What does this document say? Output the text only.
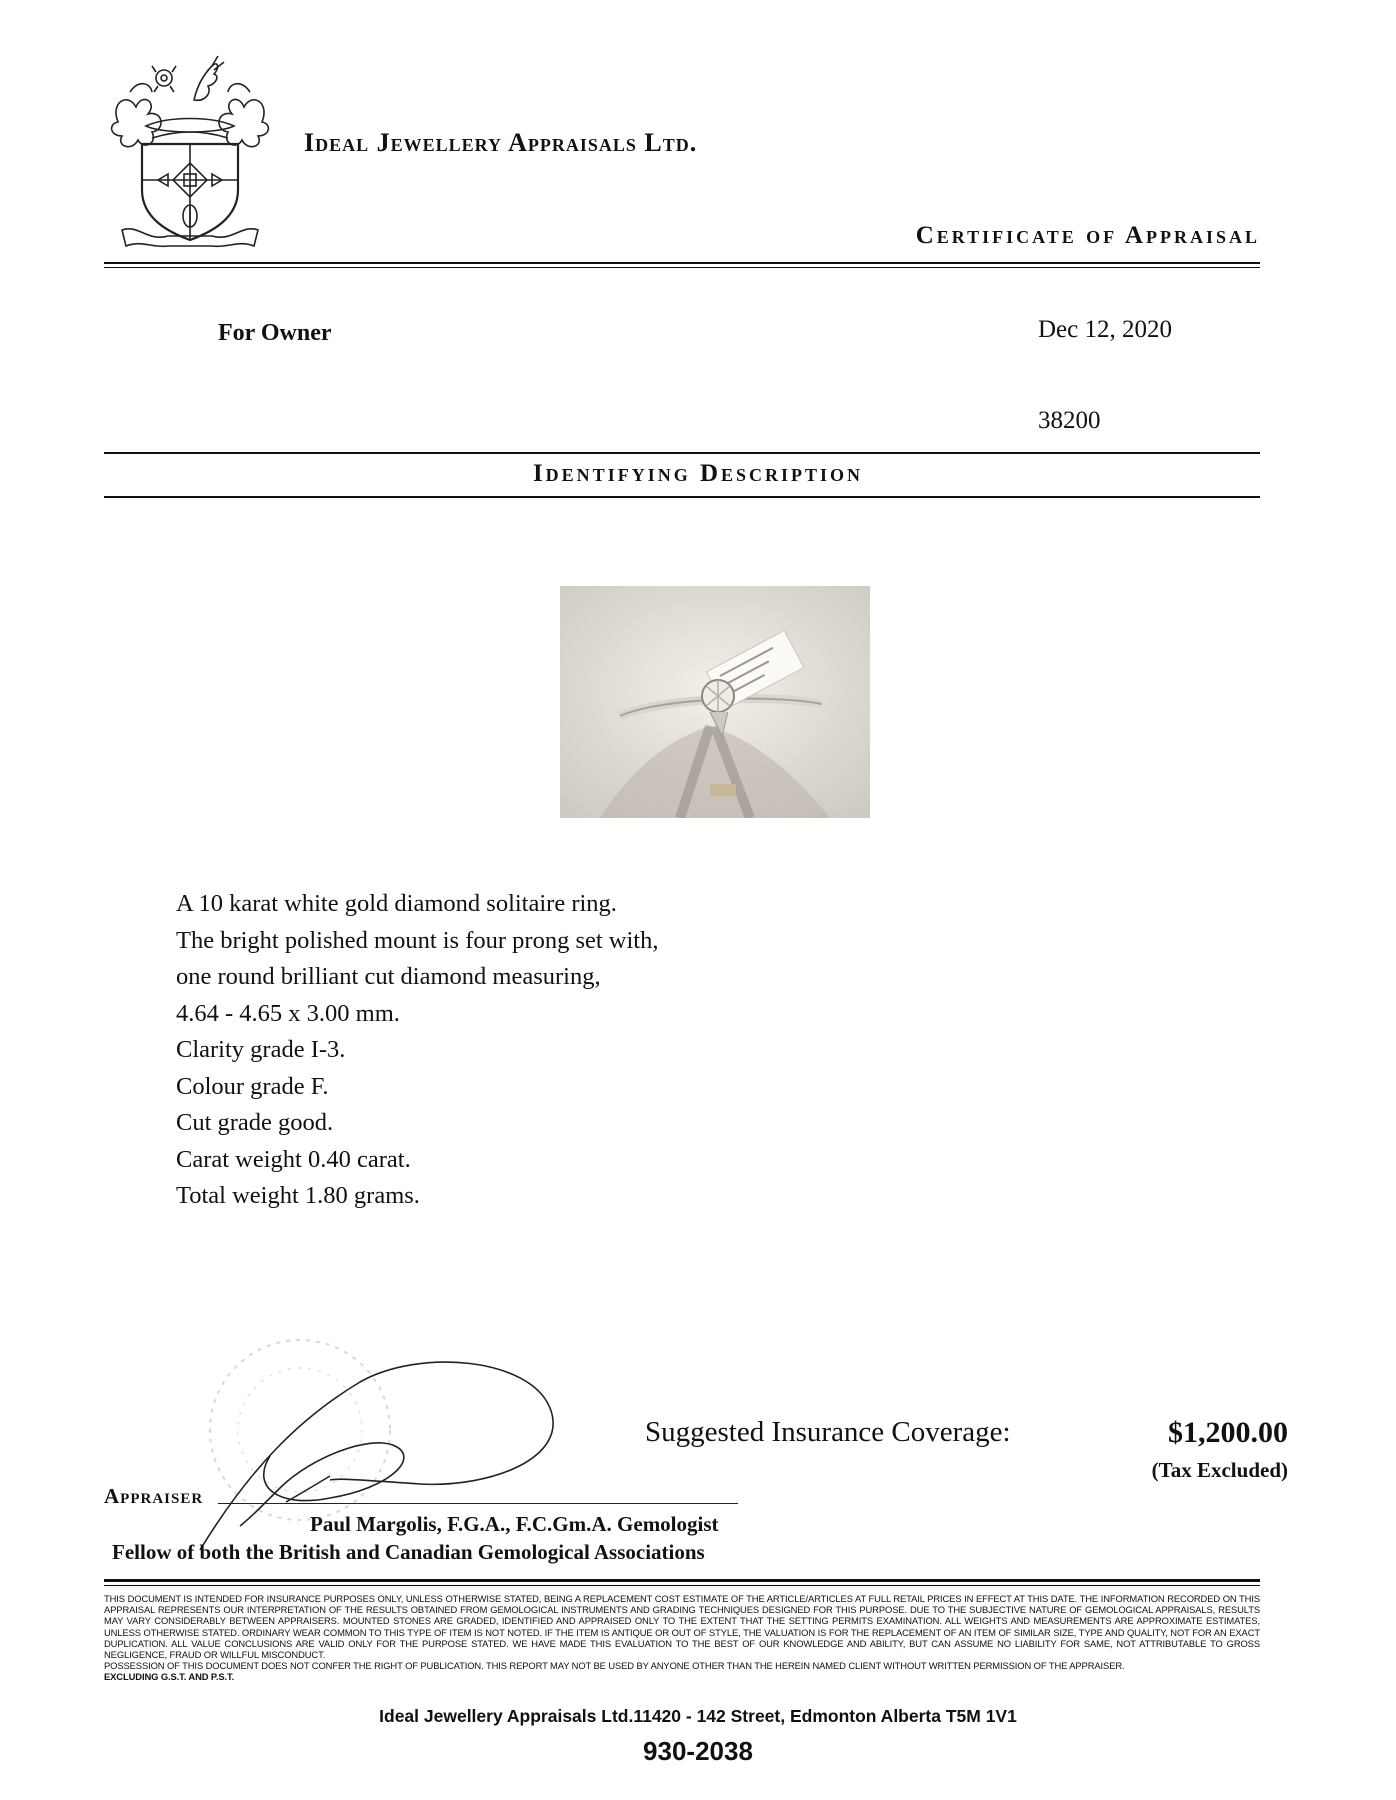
Ideal Jewellery Appraisals Ltd.
Certificate of Appraisal
For Owner	Dec 12, 2020
38200
Identifying Description
A 10 karat white gold diamond solitaire ring.
The bright polished mount is four prong set with,
one round brilliant cut diamond measuring,
4.64 - 4.65 x 3.00 mm.
Clarity grade I-3.
Colour grade F.
Cut grade good.
Carat weight 0.40 carat.
Total weight 1.80 grams.
Suggested Insurance Coverage:	$1,200.00
(Tax Excluded)
Appraiser
Paul Margolis, F.G.A., F.C.Gm.A. Gemologist
Fellow of both the British and Canadian Gemological Associations

THIS DOCUMENT IS INTENDED FOR INSURANCE PURPOSES ONLY, UNLESS OTHERWISE STATED, BEING A REPLACEMENT COST ESTIMATE OF THE ARTICLE/ARTICLES AT FULL RETAIL PRICES IN EFFECT AT THIS DATE. THE INFORMATION RECORDED ON THIS APPRAISAL REPRESENTS OUR INTERPRETATION OF THE RESULTS OBTAINED FROM GEMOLOGICAL INSTRUMENTS AND GRADING TECHNIQUES DESIGNED FOR THIS PURPOSE. DUE TO THE SUBJECTIVE NATURE OF GEMOLOGICAL APPRAISALS, RESULTS MAY VARY CONSIDERABLY BETWEEN APPRAISERS. MOUNTED STONES ARE GRADED, IDENTIFIED AND APPRAISED ONLY TO THE EXTENT THAT THE SETTING PERMITS EXAMINATION. ALL WEIGHTS AND MEASUREMENTS ARE APPROXIMATE ESTIMATES, UNLESS OTHERWISE STATED. ORDINARY WEAR COMMON TO THIS TYPE OF ITEM IS NOT NOTED. IF THE ITEM IS ANTIQUE OR OUT OF STYLE, THE VALUATION IS FOR THE REPLACEMENT OF AN ITEM OF SIMILAR SIZE, TYPE AND QUALITY, NOT FOR AN EXACT DUPLICATION. ALL VALUE CONCLUSIONS ARE VALID ONLY FOR THE PURPOSE STATED. WE HAVE MADE THIS EVALUATION TO THE BEST OF OUR KNOWLEDGE AND ABILITY, BUT CAN ASSUME NO LIABILITY FOR SAME, NOT ATTRIBUTABLE TO GROSS NEGLIGENCE, FRAUD OR WILLFUL MISCONDUCT.

POSSESSION OF THIS DOCUMENT DOES NOT CONFER THE RIGHT OF PUBLICATION. THIS REPORT MAY NOT BE USED BY ANYONE OTHER THAN THE HEREIN NAMED CLIENT WITHOUT WRITTEN PERMISSION OF THE APPRAISER.

EXCLUDING G.S.T. AND P.S.T.

Ideal Jewellery Appraisals Ltd.11420 - 142 Street, Edmonton Alberta T5M 1V1
930-2038
